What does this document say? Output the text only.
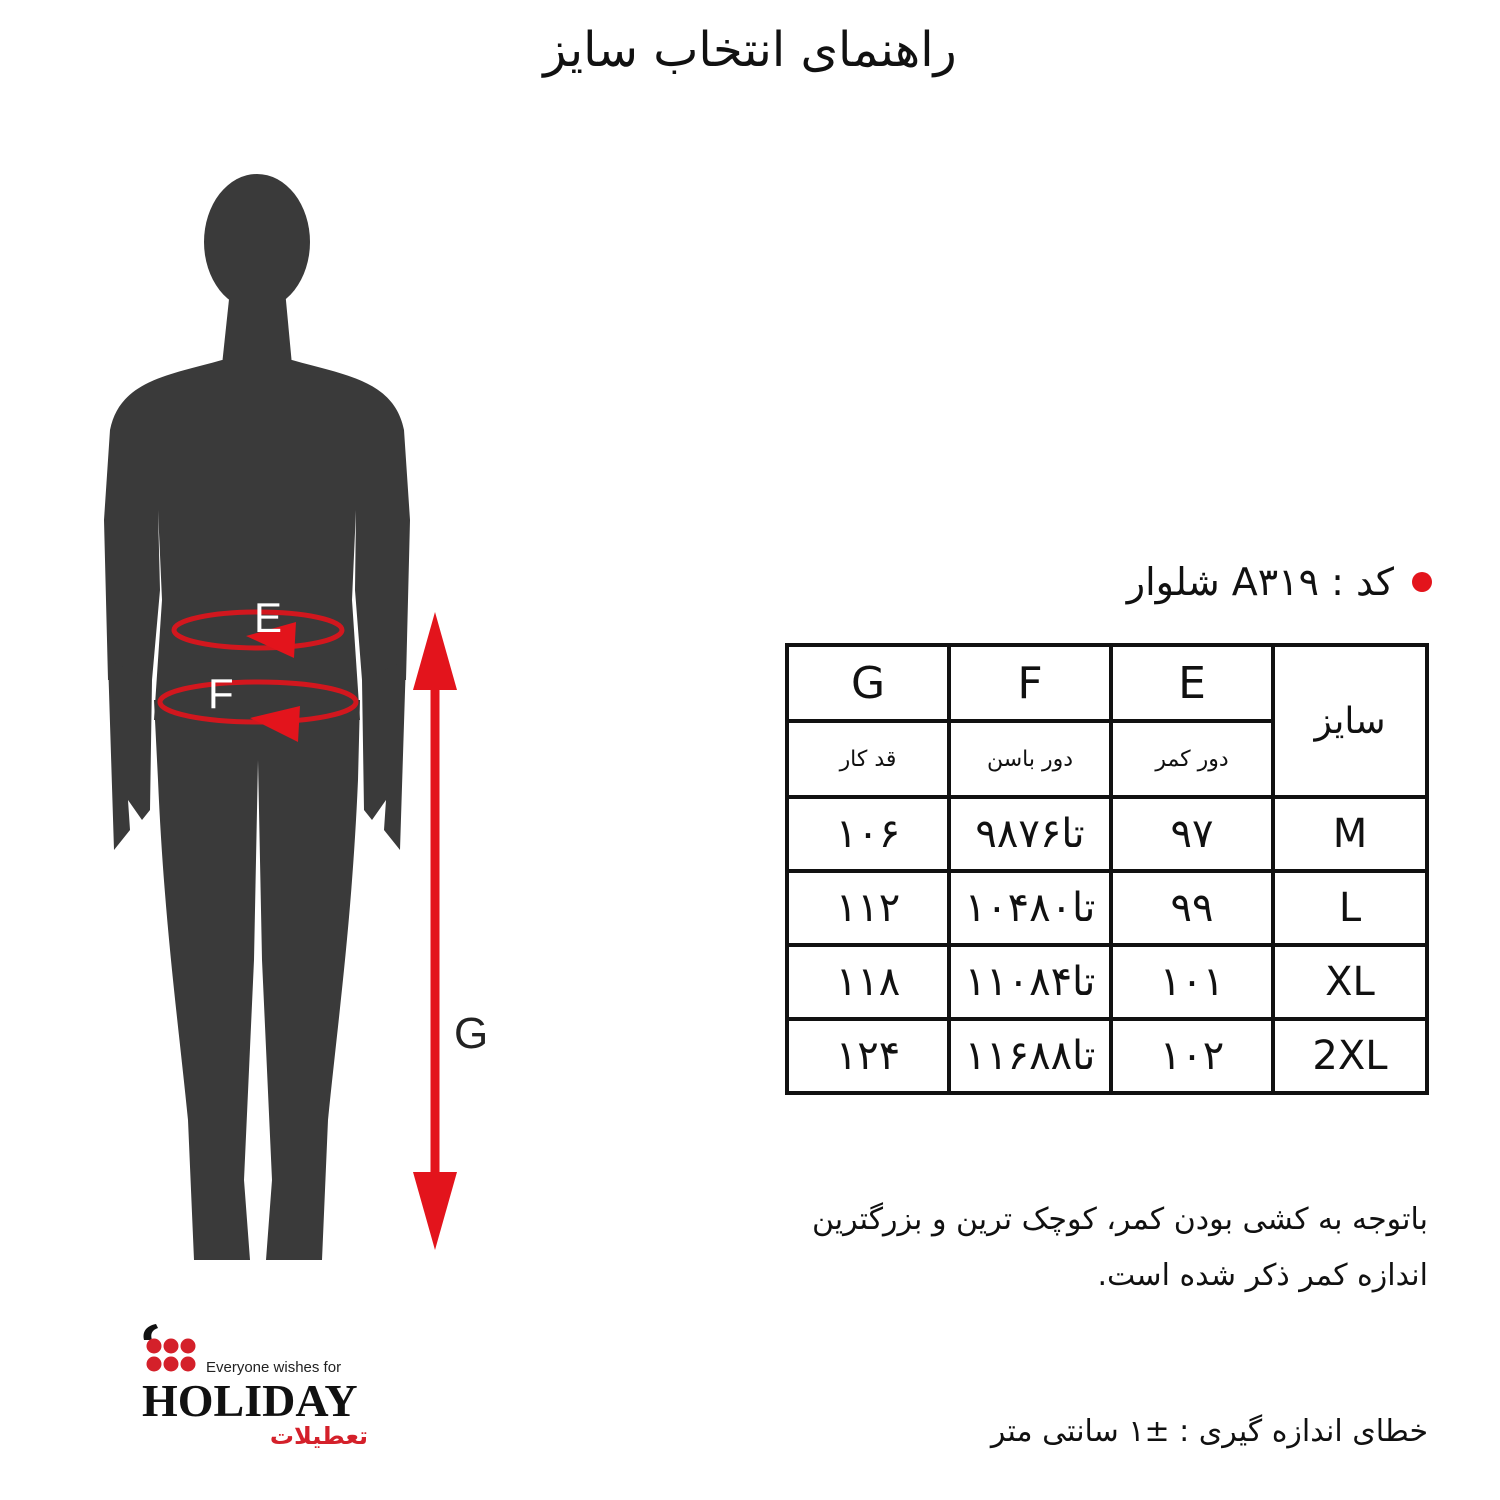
راهنمای انتخاب سایز
E
F
G
کد : A۳۱۹ شلوار
G	F	E	سایز
قد کار	دور باسن	دور کمر	
۱۰۶	۹۸تا۷۶	۹۷	M
۱۱۲	۱۰۴تا۸۰	۹۹	L
۱۱۸	۱۱۰تا۸۴	۱۰۱	XL
۱۲۴	۱۱۶تا۸۸	۱۰۲	2XL
باتوجه به کشی بودن کمر، کوچک ترین و بزرگترین
اندازه کمر ذکر شده است.
خطای اندازه گیری : ±۱ سانتی متر
Everyone wishes for
HOLIDAY
تعطیلات
